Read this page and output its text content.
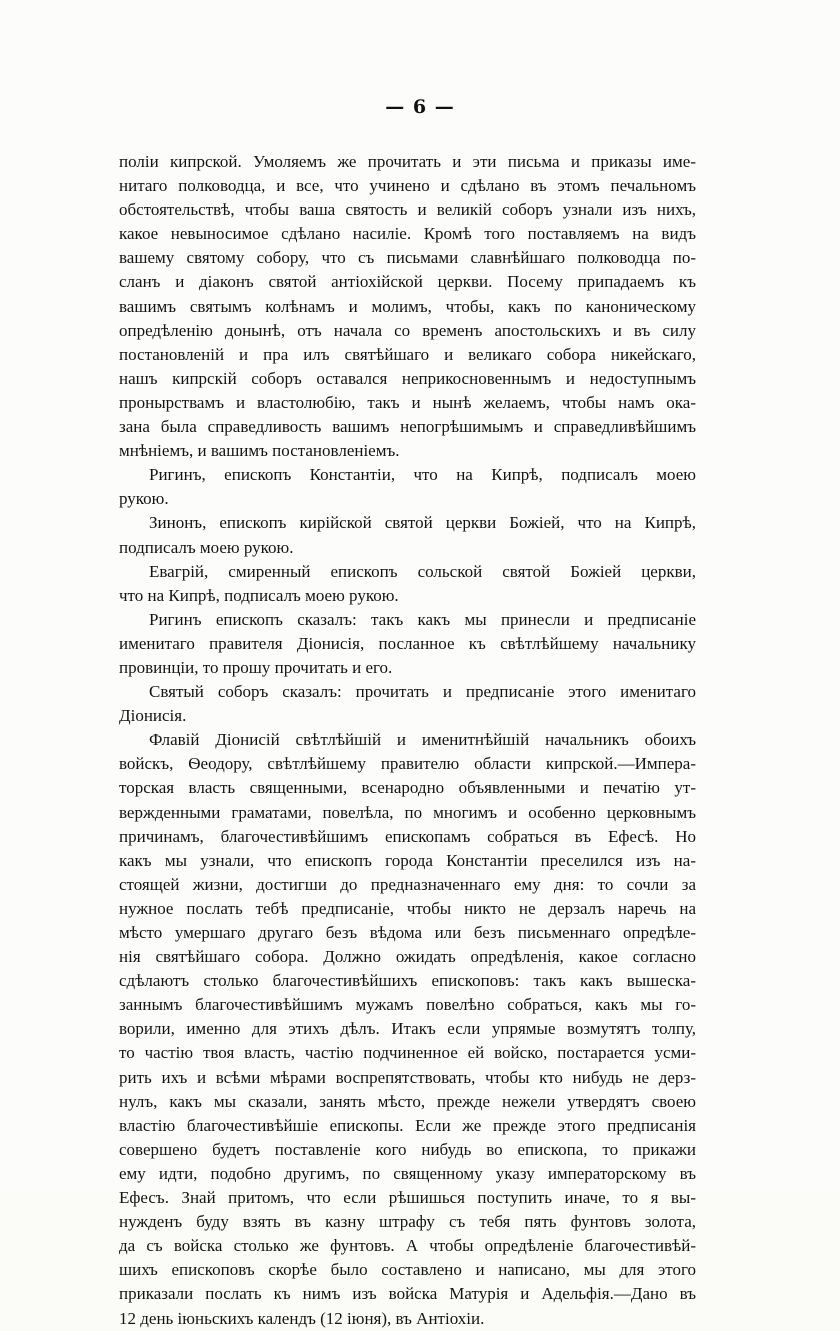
— 6 —
поліи кипрской. Умоляемъ же прочитать и эти письма и приказы име-
нитаго полководца, и все, что учинено и сдѣлано въ этомъ печальномъ
обстоятельствѣ, чтобы ваша святость и великій соборъ узнали изъ нихъ,
какое невыносимое сдѣлано насиліе. Кромѣ того поставляемъ на видъ
вашему святому собору, что съ письмами славнѣйшаго полководца по-
сланъ и діаконъ святой антіохійской церкви. Посему припадаемъ къ
вашимъ святымъ колѣнамъ и молимъ, чтобы, какъ по каноническому
опредѣленію донынѣ, отъ начала со временъ апостольскихъ и въ силу
постановленій и пра илъ святѣйшаго и великаго собора никейскаго,
нашъ кипрскій соборъ оставался неприкосновеннымъ и недоступнымъ
пронырствамъ и властолюбію, такъ и нынѣ желаемъ, чтобы намъ ока-
зана была справедливость вашимъ непогрѣшимымъ и справедливѣйшимъ
мнѣніемъ, и вашимъ постановленіемъ.
Ригинъ, епископъ Константіи, что на Кипрѣ, подписалъ моею
рукою.
Зинонъ, епископъ кирійской святой церкви Божіей, что на Кипрѣ,
подписалъ моею рукою.
Евагрій, смиренный епископъ сольской святой Божіей церкви,
что на Кипрѣ, подписалъ моею рукою.
Ригинъ епископъ сказалъ: такъ какъ мы принесли и предписаніе
именитаго правителя Діонисія, посланное къ свѣтлѣйшему начальнику
провинціи, то прошу прочитать и его.
Святый соборъ сказалъ: прочитать и предписаніе этого именитаго
Діонисія.
Флавій Діонисій свѣтлѣйшій и именитнѣйшій начальникъ обоихъ
войскъ, Ѳеодору, свѣтлѣйшему правителю области кипрской.—Импера-
торская власть священными, всенародно объявленными и печатію ут-
вержденными граматами, повелѣла, по многимъ и особенно церковнымъ
причинамъ, благочестивѣйшимъ епископамъ собраться въ Ефесѣ. Но
какъ мы узнали, что епископъ города Константіи преселился изъ на-
стоящей жизни, достигши до предназначеннаго ему дня: то сочли за
нужное послать тебѣ предписаніе, чтобы никто не дерзалъ наречь на
мѣсто умершаго другаго безъ вѣдома или безъ письменнаго опредѣле-
нія святѣйшаго собора. Должно ожидать опредѣленія, какое согласно
сдѣлаютъ столько благочестивѣйшихъ епископовъ: такъ какъ вышеска-
заннымъ благочестивѣйшимъ мужамъ повелѣно собраться, какъ мы го-
ворили, именно для этихъ дѣлъ. Итакъ если упрямые возмутятъ толпу,
то частію твоя власть, частію подчиненное ей войско, постарается усми-
рить ихъ и всѣми мѣрами воспрепятствовать, чтобы кто нибудь не дерз-
нулъ, какъ мы сказали, занять мѣсто, прежде нежели утвердятъ своею
властію благочестивѣйшіе епископы. Если же прежде этого предписанія
совершено будетъ поставленіе кого нибудь во епископа, то прикажи
ему идти, подобно другимъ, по священному указу императорскому въ
Ефесъ. Знай притомъ, что если рѣшишься поступить иначе, то я вы-
нужденъ буду взять въ казну штрафу съ тебя пять фунтовъ золота,
да съ войска столько же фунтовъ. А чтобы опредѣленіе благочестивѣй-
шихъ епископовъ скорѣе было составлено и написано, мы для этого
приказали послать къ нимъ изъ войска Матурія и Адельфія.—Дано въ
12 день іюньскихъ календъ (12 іюня), въ Антіохіи.
